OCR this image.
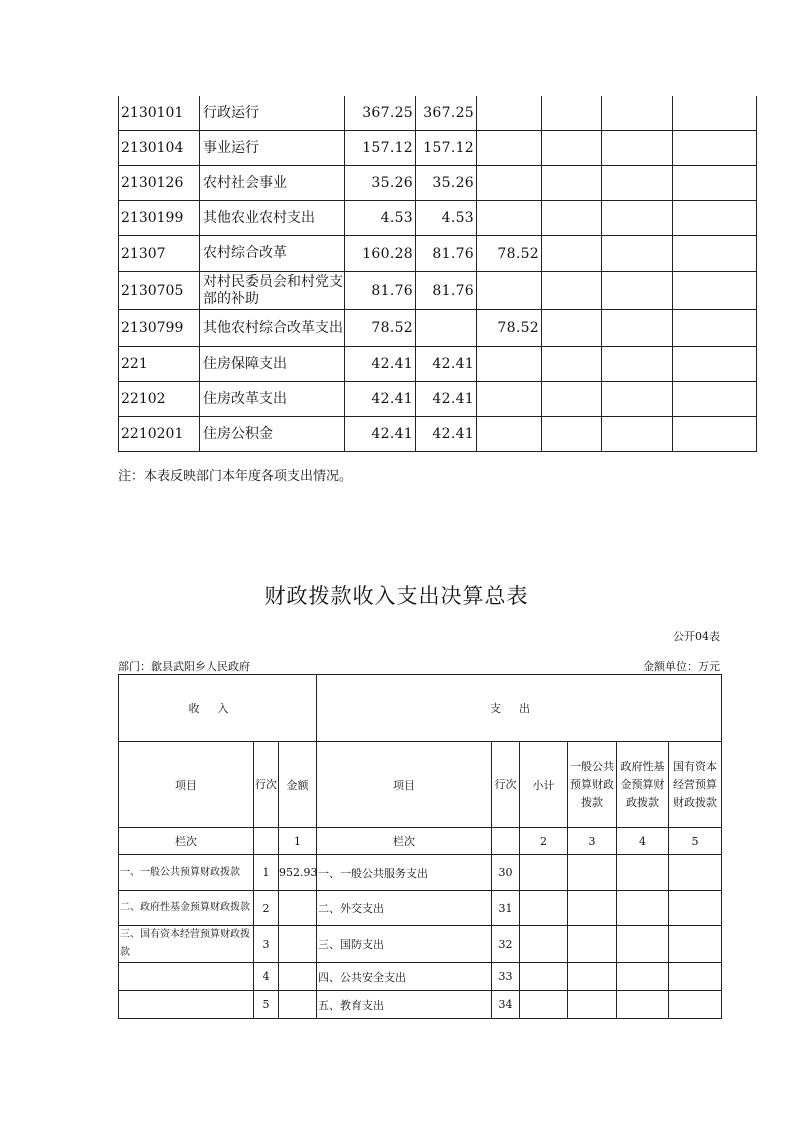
2130101	行政运行	367.25	367.25				
2130104	事业运行	157.12	157.12				
2130126	农村社会事业	35.26	35.26				
2130199	其他农业农村支出	4.53	4.53				
21307	农村综合改革	160.28	81.76	78.52			
2130705	对村民委员会和村党支部的补助	81.76	81.76				
2130799	其他农村综合改革支出	78.52		78.52			
221	住房保障支出	42.41	42.41				
22102	住房改革支出	42.41	42.41				
2210201	住房公积金	42.41	42.41				
注：本表反映部门本年度各项支出情况。
财政拨款收入支出决算总表
公开04表
部门：歙县武阳乡人民政府	金额单位：万元
收入			支出					
项目	行次	金额	项目	行次	小计	一般公共预算财政拨款	政府性基金预算财政拨款	国有资本经营预算财政拨款
栏次		1	栏次		2	3	4	5
一、一般公共预算财政拨款	1	952.93	一、一般公共服务支出	30				
二、政府性基金预算财政拨款	2		二、外交支出	31				
三、国有资本经营预算财政拨款	3		三、国防支出	32				
	4		四、公共安全支出	33				
	5		五、教育支出	34				
